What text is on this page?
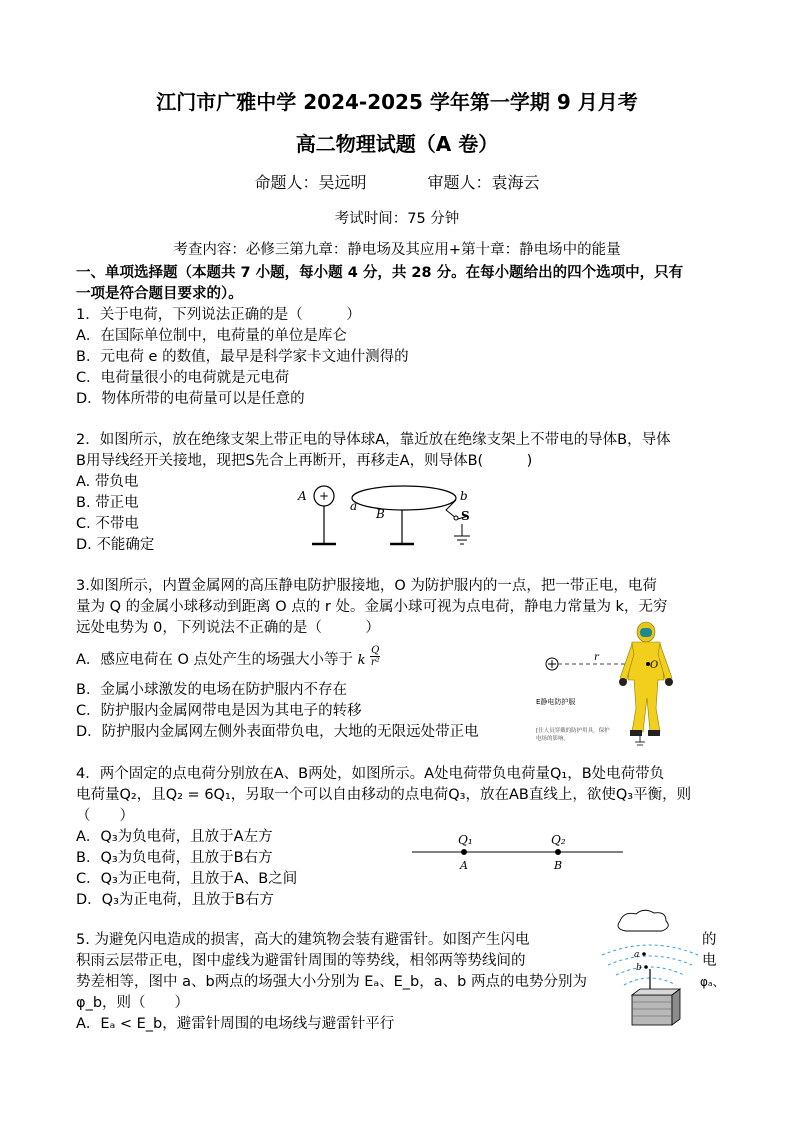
江门市广雅中学 2024-2025 学年第一学期 9 月月考
高二物理试题（A 卷）
命题人：吴远明            审题人：袁海云
考试时间：75 分钟
考查内容：必修三第九章：静电场及其应用+第十章：静电场中的能量
一、单项选择题（本题共 7 小题，每小题 4 分，共 28 分。在每小题给出的四个选项中，只有
一项是符合题目要求的）。
1．关于电荷，下列说法正确的是（　　　）
A．在国际单位制中，电荷量的单位是库仑
B．元电荷 e 的数值，最早是科学家卡文迪什测得的
C．电荷量很小的电荷就是元电荷
D．物体所带的电荷量可以是任意的
2．如图所示，放在绝缘支架上带正电的导体球A，靠近放在绝缘支架上不带电的导体B，导体
B用导线经开关接地，现把S先合上再断开，再移走A，则导体B(　　　)
A. 带负电
B. 带正电
C. 不带电
D. 不能确定
A +
a
B
b
S
3.如图所示，内置金属网的高压静电防护服接地，O 为防护服内的一点，把一带正电，电荷
量为 Q 的金属小球移动到距离 O 点的 r 处。金属小球可视为点电荷，静电力常量为 k，无穷
远处电势为 0，下列说法不正确的是（　　　）
A．感应电荷在 O 点处产生的场强大小等于 k $\frac{Q}{\text{r²}}$
B．金属小球激发的电场在防护服内不存在
C．防护服内金属网带电是因为其电子的转移
D．防护服内金属网左侧外表面带负电，大地的无限远处带正电
r
O
E静电防护服
[仕人员穿戴的防护用具，保护
电场的影响。
4．两个固定的点电荷分别放在A、B两处，如图所示。A处电荷带负电荷量Q₁，B处电荷带负
电荷量Q₂，且Q₂ = 6Q₁，另取一个可以自由移动的点电荷Q₃，放在AB直线上，欲使Q₃平衡，则
（　　）
A．Q₃为负电荷，且放于A左方
B．Q₃为负电荷，且放于B右方
C．Q₃为正电荷，且放于A、B之间
D．Q₃为正电荷，且放于B右方
Q₁	Q₂
A	B
5. 为避免闪电造成的损害，高大的建筑物会装有避雷针。如图产生闪电	的
积雨云层带正电，图中虚线为避雷针周围的等势线，相邻两等势线间的	电
势差相等，图中 a、b两点的场强大小分别为 Eₐ、E_b，a、b 两点的电势分别为	φₐ、
φ_b，则（　　）
A．Eₐ < E_b，避雷针周围的电场线与避雷针平行
a
b
